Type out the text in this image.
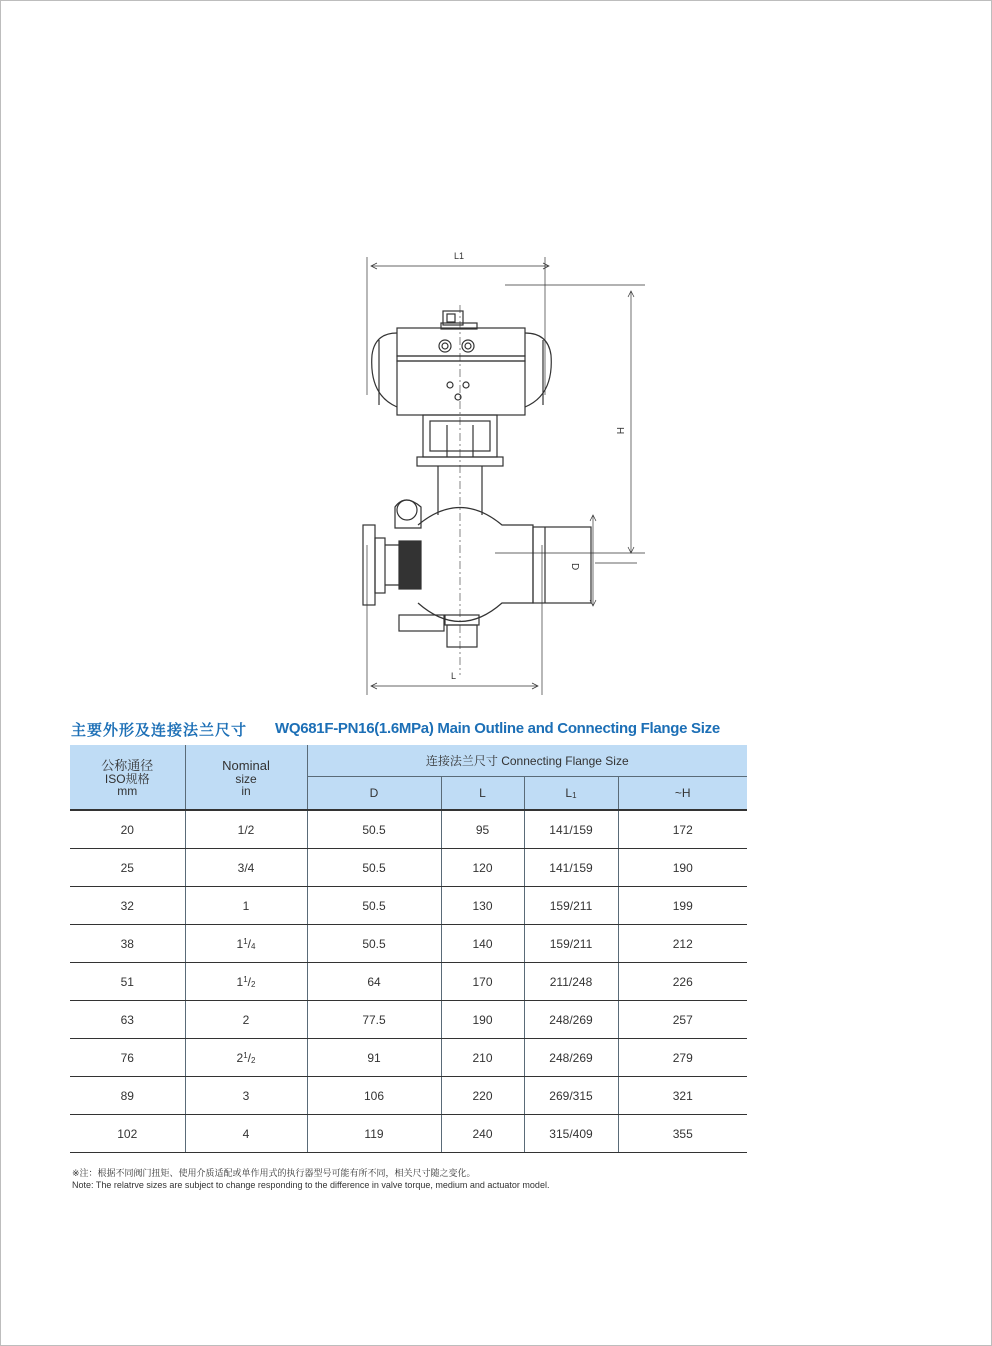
L1
H
D
L
主要外形及连接法兰尺寸 WQ681F-PN16(1.6MPa) Main Outline and Connecting Flange Size
公称通径
ISO规格
mm	Nominal
size
in	连接法兰尺寸 Connecting Flange Size			
		D	L	$L_1$	~H
20	1/2	50.5	95	141/159	172
25	3/4	50.5	120	141/159	190
32	1	50.5	130	159/211	199
38	$1^1/_4$	50.5	140	159/211	212
51	$1^1/_2$	64	170	211/248	226
63	2	77.5	190	248/269	257
76	$2^1/_2$	91	210	248/269	279
89	3	106	220	269/315	321
102	4	119	240	315/409	355
※注：根据不同阀门扭矩、使用介质适配或单作用式的执行器型号可能有所不同，相关尺寸随之变化。
Note: The relatrve sizes are subject to change responding to the difference in valve torque, medium and actuator model.
